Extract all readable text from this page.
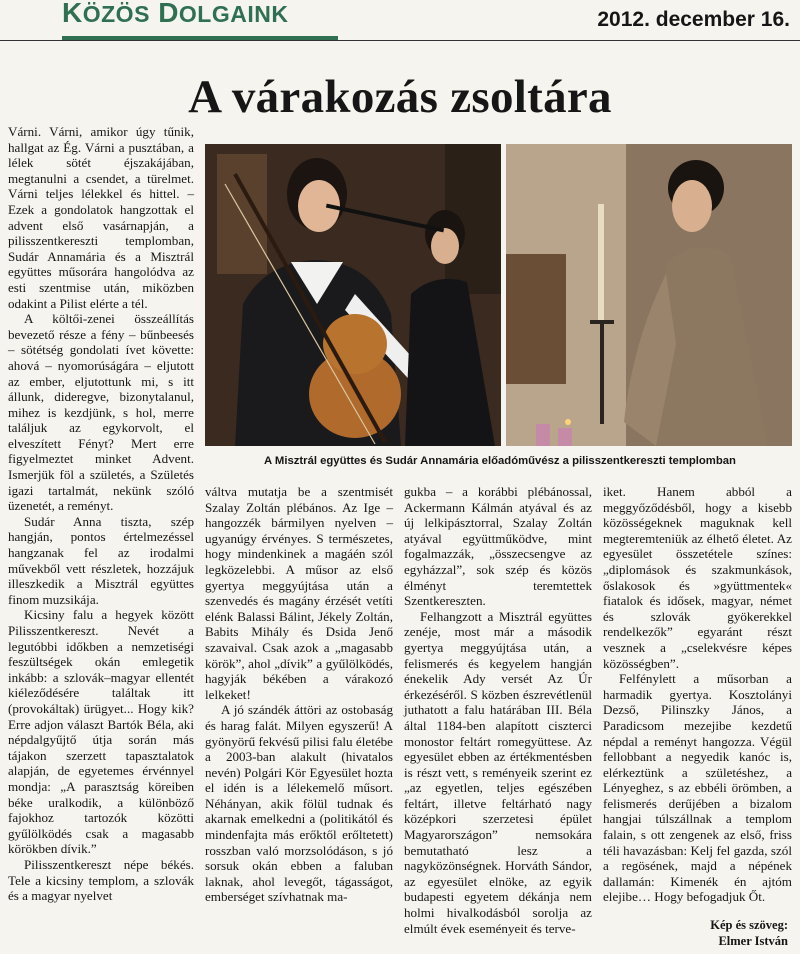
KÖZÖS DOLGAINK	2012. december 16.
A várakozás zsoltára
A Misztrál együttes és Sudár Annamária előadóművész a pilisszentkereszti templomban

Várni. Várni, amikor úgy tűnik, hallgat az Ég. Várni a pusztában, a lélek sötét éjszakájában, megtanulni a csendet, a türelmet. Várni teljes lélekkel és hittel. – Ezek a gondolatok hangzottak el advent első vasárnapján, a pilisszentkereszti templomban, Sudár Annamária és a Misztrál együttes műsorára hangolódva az esti szentmise után, miközben odakint a Pilist elérte a tél.

A költői-zenei összeállítás bevezető része a fény – bűnbeesés – sötétség gondolati ívet követte: ahová – nyomorúságára – eljutott az ember, eljutottunk mi, s itt állunk, dideregve, bizonytalanul, mihez is kezdjünk, s hol, merre találjuk az egykorvolt, el elveszített Fényt? Mert erre figyelmeztet minket Advent. Ismerjük föl a születés, a Születés igazi tartalmát, nekünk szóló üzenetét, a reményt.

Sudár Anna tiszta, szép hangján, pontos értelmezéssel hangzanak fel az irodalmi művekből vett részletek, hozzájuk illeszkedik a Misztrál együttes finom muzsikája.

Kicsiny falu a hegyek között Pilisszentkereszt. Nevét a legutóbbi időkben a nemzetiségi feszültségek okán emlegetik inkább: a szlovák–magyar ellentét kiéleződésére találtak itt (provokáltak) ürügyet... Hogy kik? Erre adjon választ Bartók Béla, aki népdalgyűjtő útja során más tájakon szerzett tapasztalatok alapján, de egyetemes érvénnyel mondja: „A parasztság köreiben béke uralkodik, a különböző fajokhoz tartozók közötti gyűlölködés csak a magasabb körökben dívik.”

Pilisszentkereszt népe békés. Tele a kicsiny templom, a szlovák és a magyar nyelvet

váltva mutatja be a szentmisét Szalay Zoltán plébános. Az Ige – hangozzék bármilyen nyelven – ugyanúgy érvényes. S természetes, hogy mindenkinek a magáén szól legközelebbi. A műsor az első gyertya meggyújtása után a szenvedés és magány érzését vetíti elénk Balassi Bálint, Jékely Zoltán, Babits Mihály és Dsida Jenő szavaival. Csak azok a „magasabb körök”, ahol „dívik” a gyűlölködés, hagyják békében a várakozó lelkeket!

A jó szándék áttöri az ostobaság és harag falát. Milyen egyszerű! A gyönyörű fekvésű pilisi falu életébe a 2003-ban alakult (hivatalos nevén) Polgári Kör Egyesület hozta el idén is a lélekemelő műsort. Néhányan, akik fölül tudnak és akarnak emelkedni a (politikától és mindenfajta más erőktől erőltetett) rosszban való morzsolódáson, s jó sorsuk okán ebben a faluban laknak, ahol levegőt, tágasságot, emberséget szívhatnak ma-

gukba – a korábbi plébánossal, Ackermann Kálmán atyával és az új lelkipásztorral, Szalay Zoltán atyával együttműködve, mint fogalmazzák, „összecsengve az egyházzal”, sok szép és közös élményt teremtettek Szentkereszten.

Felhangzott a Misztrál együttes zenéje, most már a második gyertya meggyújtása után, a felismerés és kegyelem hangján énekelik Ady versét Az Úr érkezéséről. S közben észrevétlenül juthatott a falu határában III. Béla által 1184-ben alapított ciszterci monostor feltárt romegyüttese. Az egyesület ebben az értékmentésben is részt vett, s reményeik szerint ez „az egyetlen, teljes egészében feltárt, illetve feltárható nagy középkori szerzetesi épület Magyarországon” nemsokára bemutatható lesz a nagyközönségnek. Horváth Sándor, az egyesület elnöke, az egyik budapesti egyetem dékánja nem holmi hivalkodásból sorolja az elmúlt évek eseményeit és terve-

iket. Hanem abból a meggyőződésből, hogy a kisebb közösségeknek maguknak kell megteremteniük az élhető életet. Az egyesület összetétele színes: „diplomások és szakmunkások, őslakosok és »gyüttmentek« fiatalok és idősek, magyar, német és szlovák gyökerekkel rendelkezők” egyaránt részt vesznek a „cselekvésre képes közösségben”.

Felfénylett a műsorban a harmadik gyertya. Kosztolányi Dezső, Pilinszky János, a Paradicsom mezejibe kezdetű népdal a reményt hangozza. Végül fellobbant a negyedik kanóc is, elérkeztünk a születéshez, a Lényeghez, s az ebbéli örömben, a felismerés derűjében a bizalom hangjai túlszállnak a templom falain, s ott zengenek az első, friss téli havazásban: Kelj fel gazda, szól a regösének, majd a népének dallamán: Kimenék én ajtóm elejibe… Hogy befogadjuk Őt.

Kép és szöveg:
Elmer István
